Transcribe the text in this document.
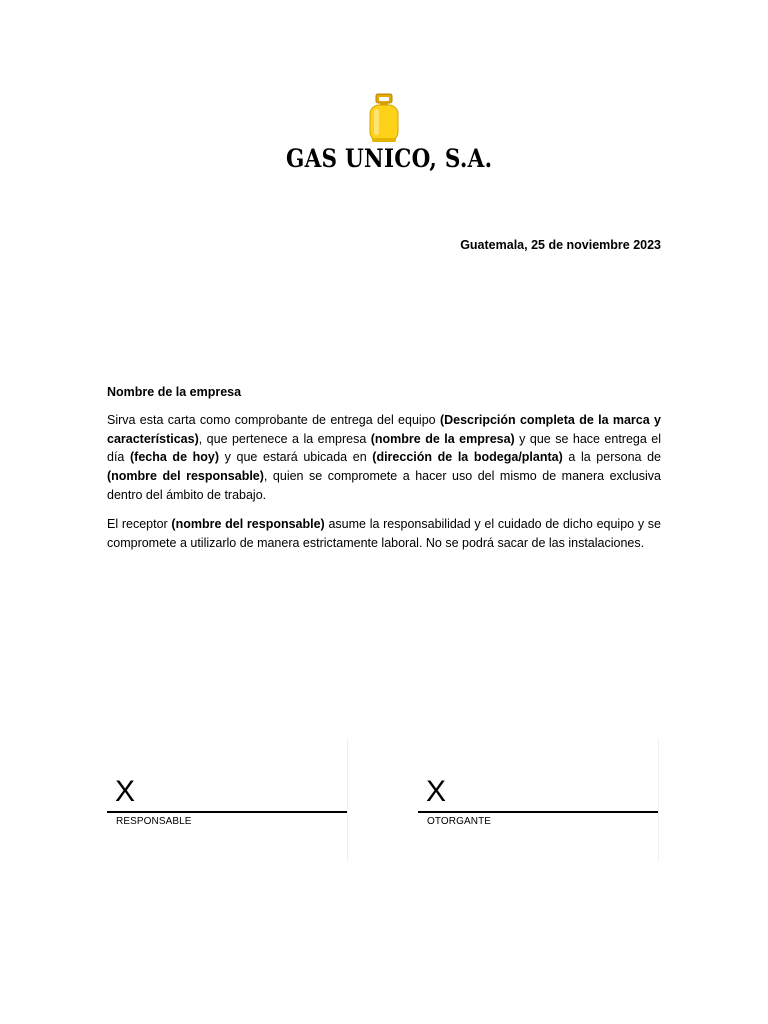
GAS UNICO, S.A.
Guatemala, 25 de noviembre 2023
Nombre de la empresa
Sirva esta carta como comprobante de entrega del equipo (Descripción completa de la marca y características), que pertenece a la empresa (nombre de la empresa) y que se hace entrega el día (fecha de hoy) y que estará ubicada en (dirección de la bodega/planta) a la persona de (nombre del responsable), quien se compromete a hacer uso del mismo de manera exclusiva dentro del ámbito de trabajo.
El receptor (nombre del responsable) asume la responsabilidad y el cuidado de dicho equipo y se compromete a utilizarlo de manera estrictamente laboral. No se podrá sacar de las instalaciones.
X
RESPONSABLE
X
OTORGANTE
